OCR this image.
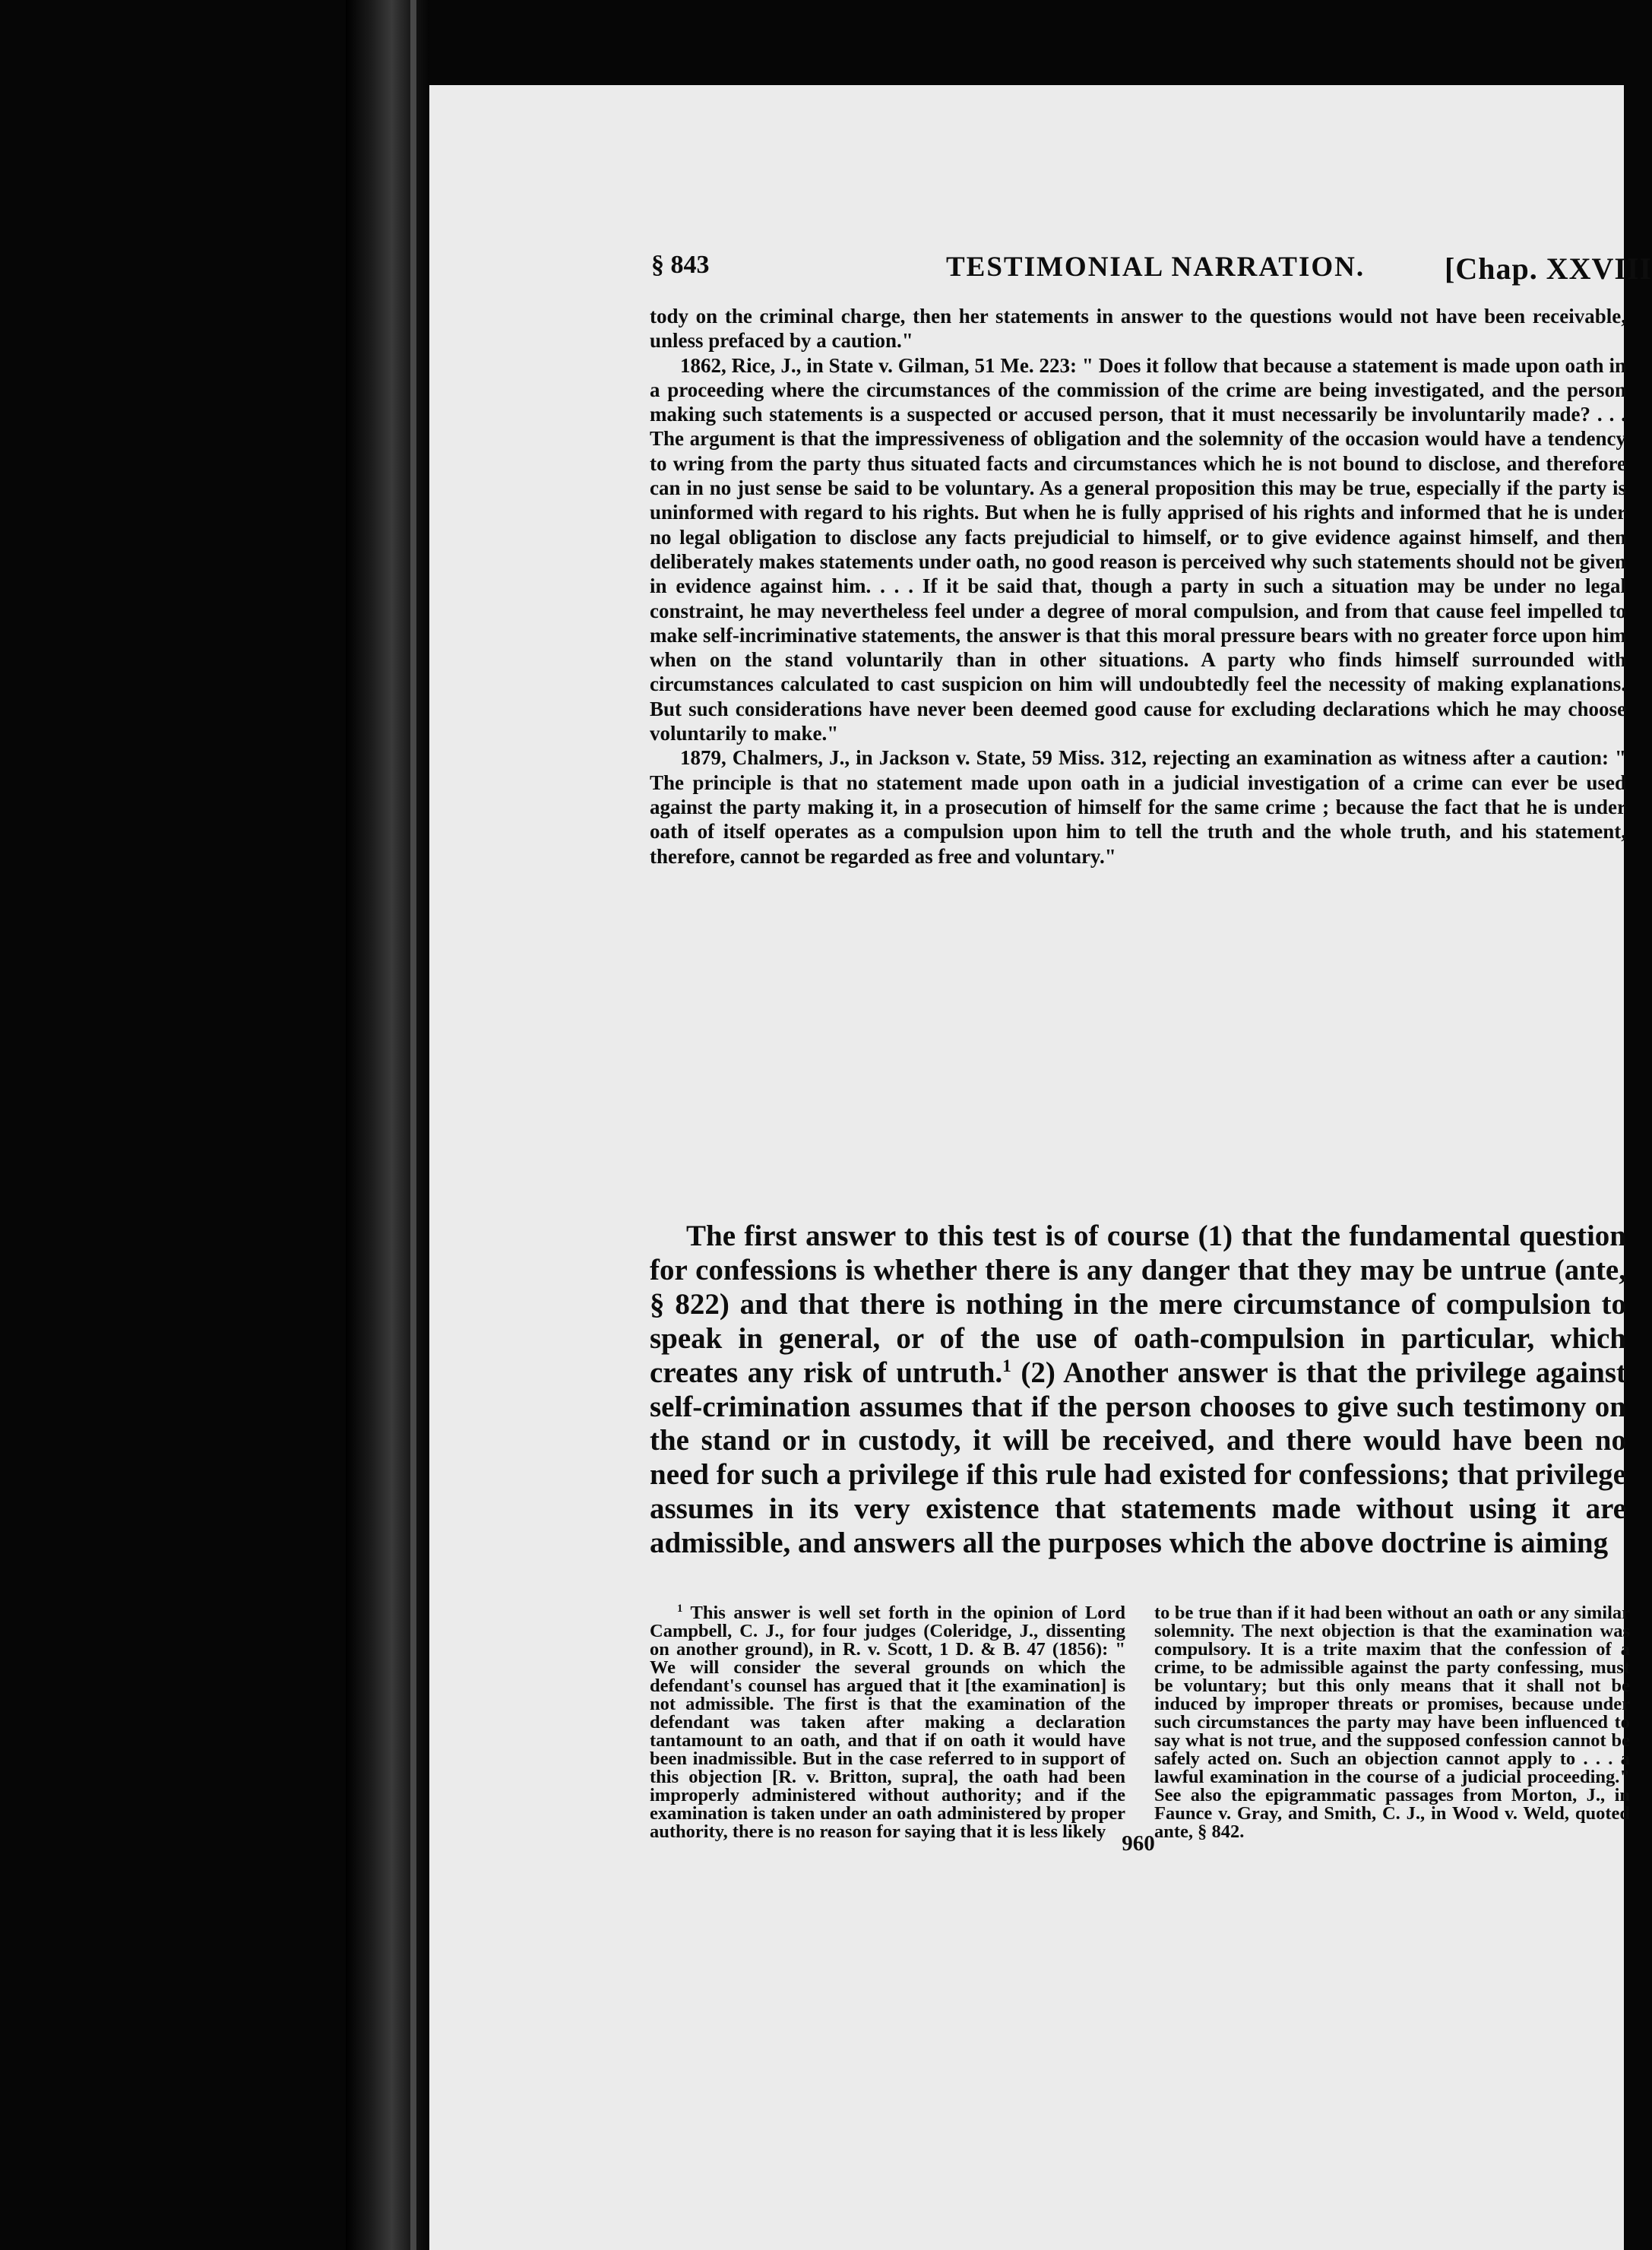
§ 843	TESTIMONIAL NARRATION.	[Chap. XXVIII

tody on the criminal charge, then her statements in answer to the questions would not have been receivable, unless prefaced by a caution."

1862, Rice, J., in State v. Gilman, 51 Me. 223: " Does it follow that because a statement is made upon oath in a proceeding where the circumstances of the commission of the crime are being investigated, and the person making such statements is a suspected or accused person, that it must necessarily be involuntarily made? . . . The argument is that the impressiveness of obligation and the solemnity of the occasion would have a tendency to wring from the party thus situated facts and circumstances which he is not bound to disclose, and therefore can in no just sense be said to be voluntary. As a general proposition this may be true, especially if the party is uninformed with regard to his rights. But when he is fully apprised of his rights and informed that he is under no legal obligation to disclose any facts prejudicial to himself, or to give evidence against himself, and then deliberately makes statements under oath, no good reason is perceived why such statements should not be given in evidence against him. . . . If it be said that, though a party in such a situation may be under no legal constraint, he may nevertheless feel under a degree of moral compulsion, and from that cause feel impelled to make self-incriminative statements, the answer is that this moral pressure bears with no greater force upon him when on the stand voluntarily than in other situations. A party who finds himself surrounded with circumstances calculated to cast suspicion on him will undoubtedly feel the necessity of making explanations. But such considerations have never been deemed good cause for excluding declarations which he may choose voluntarily to make."

1879, Chalmers, J., in Jackson v. State, 59 Miss. 312, rejecting an examination as witness after a caution: " The principle is that no statement made upon oath in a judicial investigation of a crime can ever be used against the party making it, in a prosecution of himself for the same crime ; because the fact that he is under oath of itself operates as a compulsion upon him to tell the truth and the whole truth, and his statement, therefore, cannot be regarded as free and voluntary."

The first answer to this test is of course (1) that the fundamental question for confessions is whether there is any danger that they may be untrue (ante, § 822) and that there is nothing in the mere circumstance of compulsion to speak in general, or of the use of oath-compulsion in particular, which creates any risk of untruth.$^1$ (2) Another answer is that the privilege against self-crimination assumes that if the person chooses to give such testimony on the stand or in custody, it will be received, and there would have been no need for such a privilege if this rule had existed for confessions; that privilege assumes in its very existence that statements made without using it are admissible, and answers all the purposes which the above doctrine is aiming

$^1$ This answer is well set forth in the opinion of Lord Campbell, C. J., for four judges (Coleridge, J., dissenting on another ground), in R. v. Scott, 1 D. & B. 47 (1856): " We will consider the several grounds on which the defendant's counsel has argued that it [the examination] is not admissible. The first is that the examination of the defendant was taken after making a declaration tantamount to an oath, and that if on oath it would have been inadmissible. But in the case referred to in support of this objection [R. v. Britton, supra], the oath had been improperly administered without authority; and if the examination is taken under an oath administered by proper authority, there is no reason for saying that it is less likely

to be true than if it had been without an oath or any similar solemnity. The next objection is that the examination was compulsory. It is a trite maxim that the confession of a crime, to be admissible against the party confessing, must be voluntary; but this only means that it shall not be induced by improper threats or promises, because under such circumstances the party may have been influenced to say what is not true, and the supposed confession cannot be safely acted on. Such an objection cannot apply to . . . a lawful examination in the course of a judicial proceeding." See also the epigrammatic passages from Morton, J., in Faunce v. Gray, and Smith, C. J., in Wood v. Weld, quoted ante, § 842.

960
